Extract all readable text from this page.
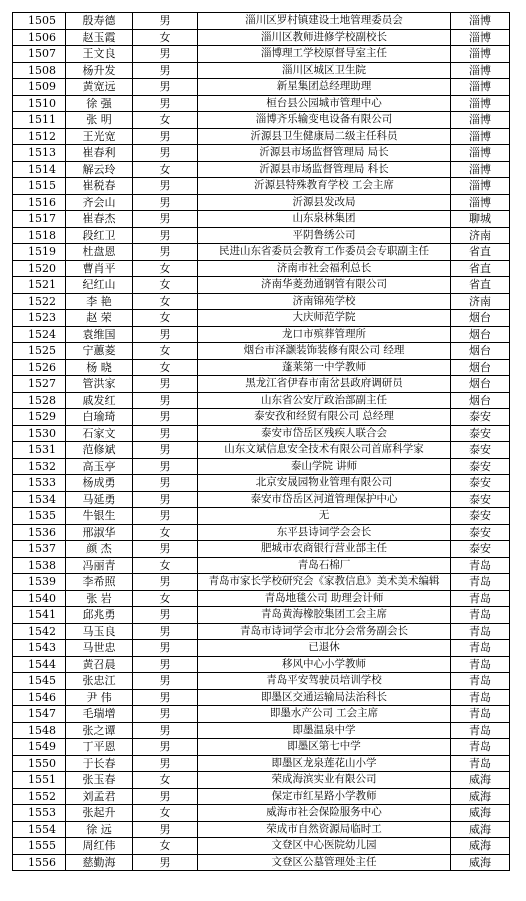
1505	殷寿德	男	淄川区罗村镇建设土地管理委员会	淄博
1506	赵玉霞	女	淄川区教师进修学校副校长	淄博
1507	王文良	男	淄博理工学校原督导室主任	淄博
1508	杨升发	男	淄川区城区卫生院	淄博
1509	黄宽远	男	新星集团总经理助理	淄博
1510	徐 强	男	桓台县公园城市管理中心	淄博
1511	张 明	女	淄博齐乐输变电设备有限公司	淄博
1512	王光宽	男	沂源县卫生健康局二级主任科员	淄博
1513	崔春利	男	沂源县市场监督管理局 局长	淄博
1514	解云玲	女	沂源县市场监督管理局 科长	淄博
1515	崔税春	男	沂源县特殊教育学校 工会主席	淄博
1516	齐会山	男	沂源县发改局	淄博
1517	崔春杰	男	山东泉林集团	聊城
1518	段红卫	男	平阴鲁绣公司	济南
1519	杜盘恩	男	民进山东省委员会教育工作委员会专职副主任	省直
1520	曹肖平	女	济南市社会福利总长	省直
1521	纪红山	女	济南华菱劲通钢管有限公司	省直
1522	李 艳	女	济南锦苑学校	济南
1523	赵 荣	女	大庆师范学院	烟台
1524	袁维国	男	龙口市殡葬管理所	烟台
1525	宁蕙菱	女	烟台市泽灏装饰装修有限公司 经理	烟台
1526	杨 晓	女	蓬莱第一中学教师	烟台
1527	管洪家	男	黑龙江省伊春市南岔县政府调研员	烟台
1528	戚发红	男	山东省公安厅政治部副主任	烟台
1529	白瑜琦	男	泰安孜和经贸有限公司 总经理	泰安
1530	石家文	男	泰安市岱岳区残疾人联合会	泰安
1531	范修斌	男	山东文斌信息安全技术有限公司首席科学家	泰安
1532	高玉亭	男	泰山学院 讲师	泰安
1533	杨成勇	男	北京安晟园物业管理有限公司	泰安
1534	马延勇	男	泰安市岱岳区河道管理保护中心	泰安
1535	牛银生	男	无	泰安
1536	邢淑华	女	东平县诗词学会会长	泰安
1537	颜 杰	男	肥城市农商银行营业部主任	泰安
1538	冯丽青	女	青岛石棉厂	青岛
1539	李希照	男	青岛市家长学校研究会《家教信息》美术美术编辑	青岛
1540	张 岩	女	青岛地毯公司 助理会计师	青岛
1541	邱兆勇	男	青岛黄海橡胶集团工会主席	青岛
1542	马玉良	男	青岛市诗词学会市北分会常务副会长	青岛
1543	马世忠	男	已退休	青岛
1544	黄召晨	男	移风中心小学教师	青岛
1545	张忠江	男	青岛平安驾驶员培训学校	青岛
1546	尹 伟	男	即墨区交通运输局法治科长	青岛
1547	毛瑞增	男	即墨水产公司 工会主席	青岛
1548	张之谭	男	即墨温泉中学	青岛
1549	丁平恩	男	即墨区第七中学	青岛
1550	于长春	男	即墨区龙泉莲花山小学	青岛
1551	张玉春	女	荣成海滨实业有限公司	威海
1552	刘孟君	男	保定市红星路小学教师	威海
1553	张起升	女	威海市社会保险服务中心	威海
1554	徐 远	男	荣成市自然资源局临时工	威海
1555	周红伟	女	文登区中心医院幼儿园	威海
1556	慈勤海	男	文登区公墓管理处主任	威海
